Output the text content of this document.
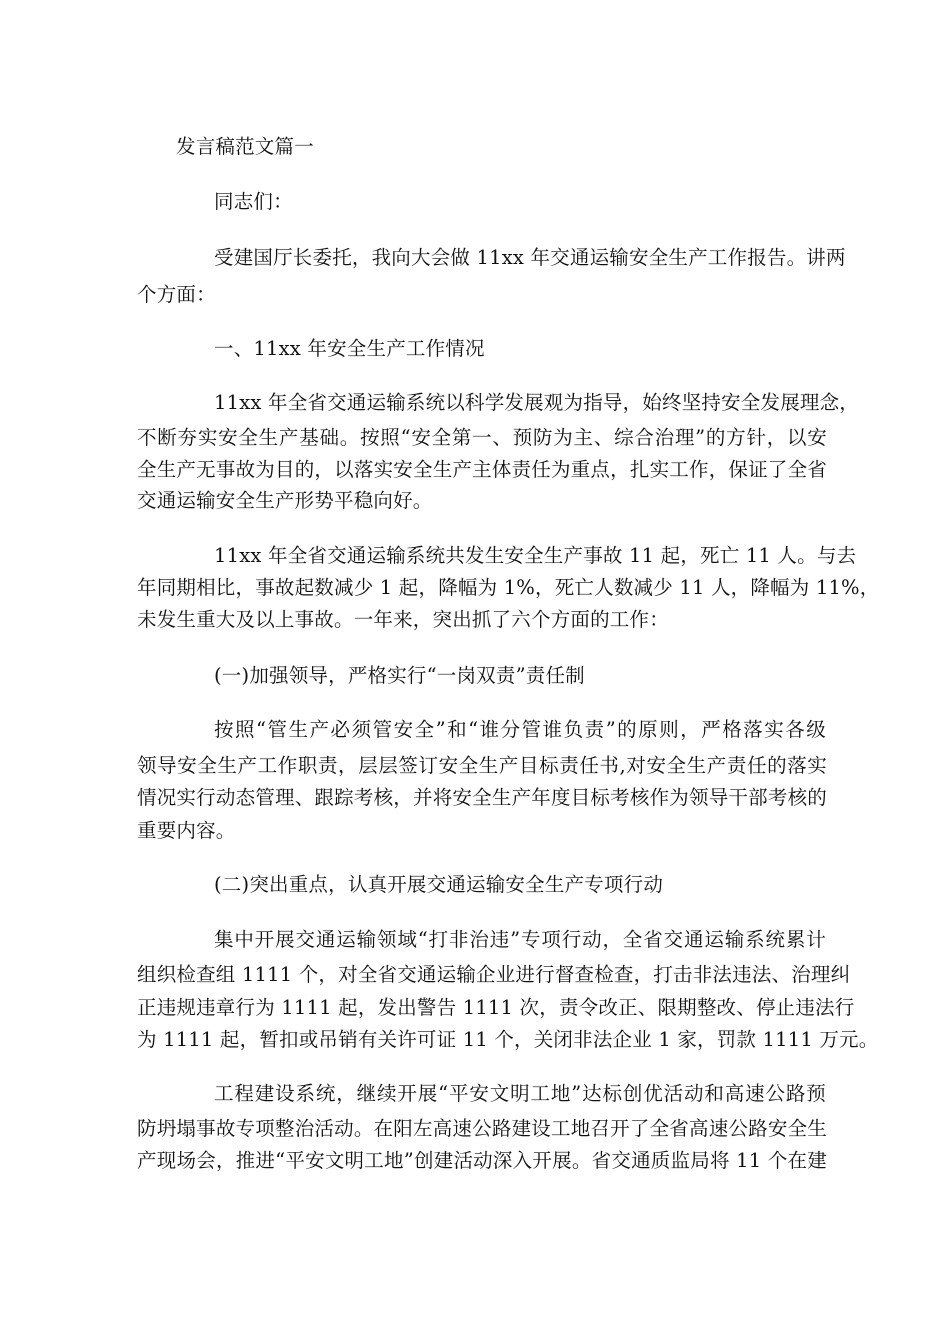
发言稿范文篇一
同志们：
受建国厅长委托，我向大会做 11xx 年交通运输安全生产工作报告。讲两
个方面：
一、11xx 年安全生产工作情况
11xx 年全省交通运输系统以科学发展观为指导，始终坚持安全发展理念，
不断夯实安全生产基础。按照“安全第一、预防为主、综合治理”的方针，以安
全生产无事故为目的，以落实安全生产主体责任为重点，扎实工作，保证了全省
交通运输安全生产形势平稳向好。
11xx 年全省交通运输系统共发生安全生产事故 11 起，死亡 11 人。与去
年同期相比，事故起数减少 1 起，降幅为 1%，死亡人数减少 11 人，降幅为 11%，
未发生重大及以上事故。一年来，突出抓了六个方面的工作：
(一)加强领导，严格实行“一岗双责”责任制
按照“管生产必须管安全”和“谁分管谁负责”的原则，严格落实各级
领导安全生产工作职责，层层签订安全生产目标责任书,对安全生产责任的落实
情况实行动态管理、跟踪考核，并将安全生产年度目标考核作为领导干部考核的
重要内容。
(二)突出重点，认真开展交通运输安全生产专项行动
集中开展交通运输领域“打非治违”专项行动，全省交通运输系统累计
组织检查组 1111 个，对全省交通运输企业进行督查检查，打击非法违法、治理纠
正违规违章行为 1111 起，发出警告 1111 次，责令改正、限期整改、停止违法行
为 1111 起，暂扣或吊销有关许可证 11 个，关闭非法企业 1 家，罚款 1111 万元。
工程建设系统，继续开展“平安文明工地”达标创优活动和高速公路预
防坍塌事故专项整治活动。在阳左高速公路建设工地召开了全省高速公路安全生
产现场会，推进“平安文明工地”创建活动深入开展。省交通质监局将 11 个在建
